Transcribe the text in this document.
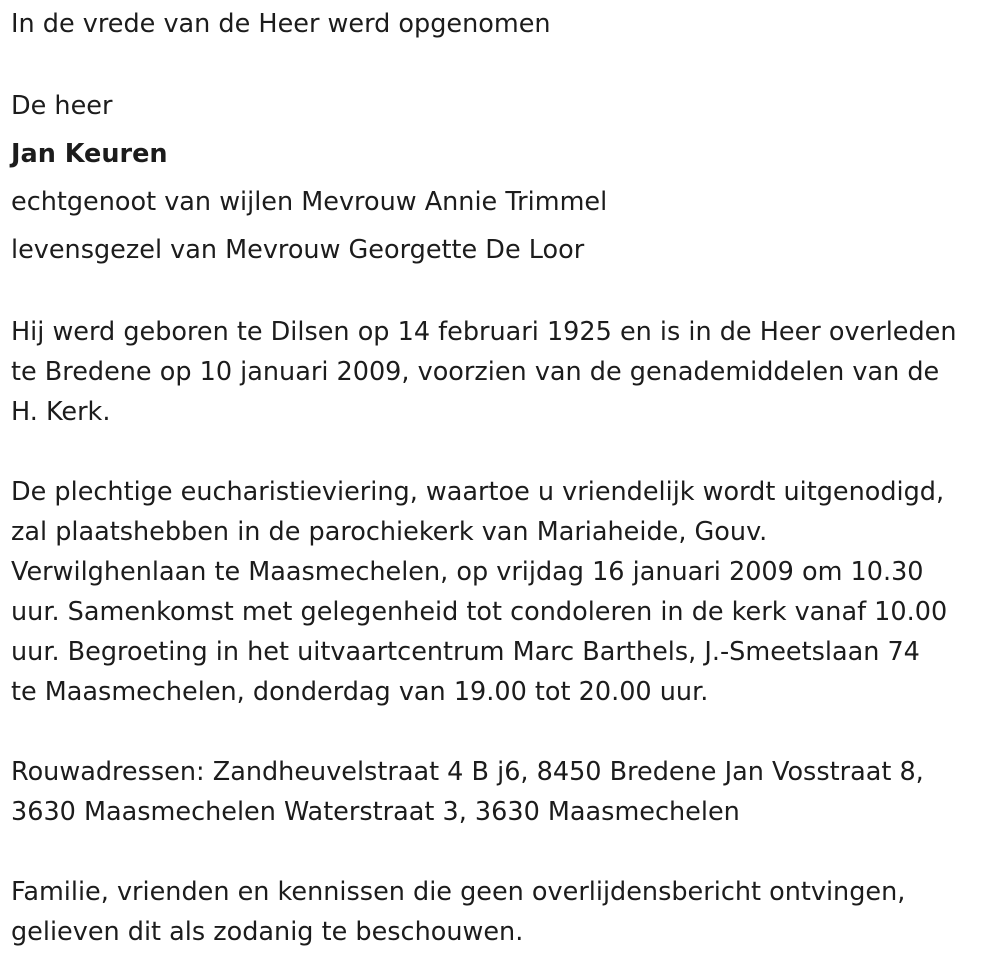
In de vrede van de Heer werd opgenomen

De heer

Jan Keuren

echtgenoot van wijlen Mevrouw Annie Trimmel

levensgezel van Mevrouw Georgette De Loor

Hij werd geboren te Dilsen op 14 februari 1925 en is in de Heer overleden
te Bredene op 10 januari 2009, voorzien van de genademiddelen van de
H. Kerk.

De plechtige eucharistieviering, waartoe u vriendelijk wordt uitgenodigd,
zal plaatshebben in de parochiekerk van Mariaheide, Gouv.
Verwilghenlaan te Maasmechelen, op vrijdag 16 januari 2009 om 10.30
uur. Samenkomst met gelegenheid tot condoleren in de kerk vanaf 10.00
uur. Begroeting in het uitvaartcentrum Marc Barthels, J.-Smeetslaan 74
te Maasmechelen, donderdag van 19.00 tot 20.00 uur.

Rouwadressen: Zandheuvelstraat 4 B j6, 8450 Bredene Jan Vosstraat 8,
3630 Maasmechelen Waterstraat 3, 3630 Maasmechelen

Familie, vrienden en kennissen die geen overlijdensbericht ontvingen,
gelieven dit als zodanig te beschouwen.
